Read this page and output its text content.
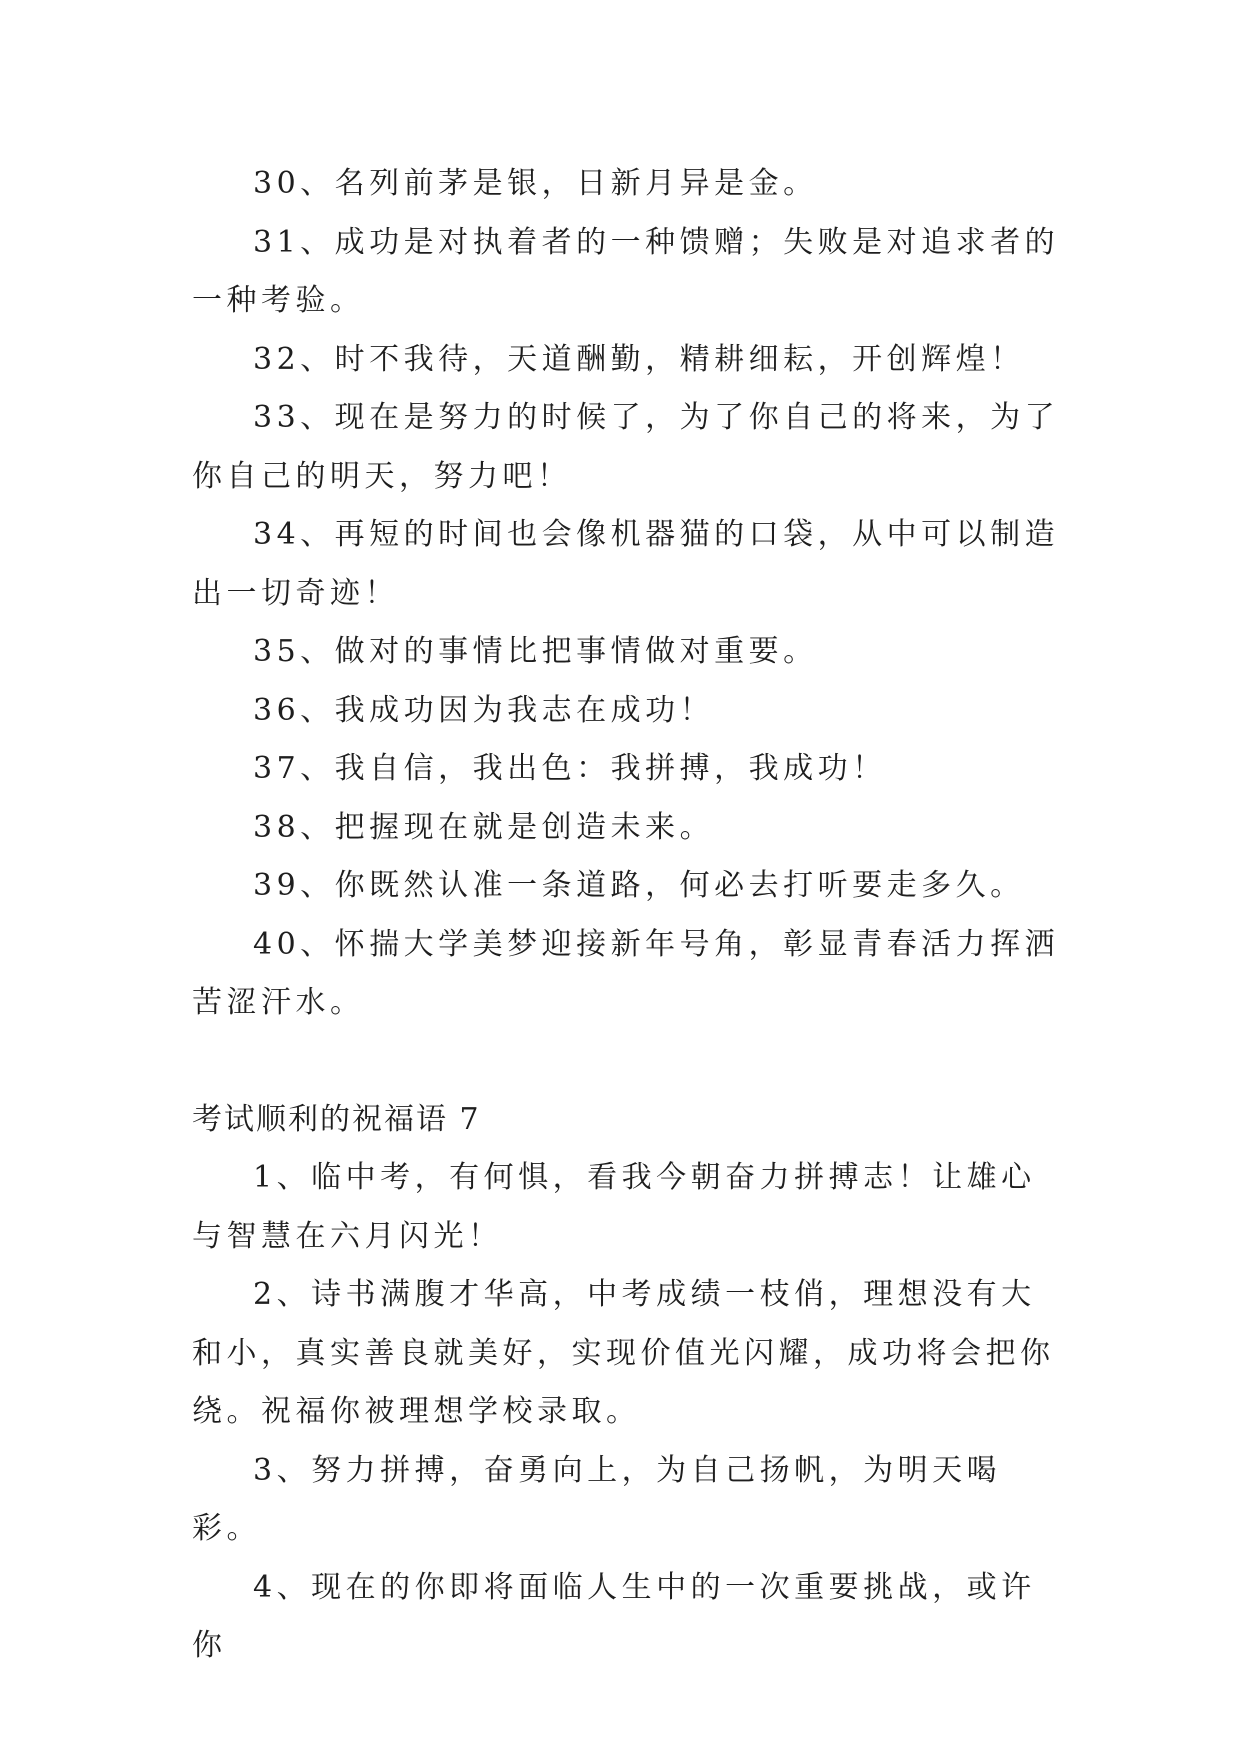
30、名列前茅是银，日新月异是金。

31、成功是对执着者的一种馈赠；失败是对追求者的一种考验。

32、时不我待，天道酬勤，精耕细耘，开创辉煌！

33、现在是努力的时候了，为了你自己的将来，为了你自己的明天，努力吧！

34、再短的时间也会像机器猫的口袋，从中可以制造出一切奇迹！

35、做对的事情比把事情做对重要。

36、我成功因为我志在成功！

37、我自信，我出色：我拼搏，我成功！

38、把握现在就是创造未来。

39、你既然认准一条道路，何必去打听要走多久。

40、怀揣大学美梦迎接新年号角，彰显青春活力挥洒苦涩汗水。

考试顺利的祝福语 7

1、临中考，有何惧，看我今朝奋力拼搏志！让雄心与智慧在六月闪光！

2、诗书满腹才华高，中考成绩一枝俏，理想没有大和小，真实善良就美好，实现价值光闪耀，成功将会把你绕。祝福你被理想学校录取。

3、努力拼搏，奋勇向上，为自己扬帆，为明天喝彩。

4、现在的你即将面临人生中的一次重要挑战，或许你
